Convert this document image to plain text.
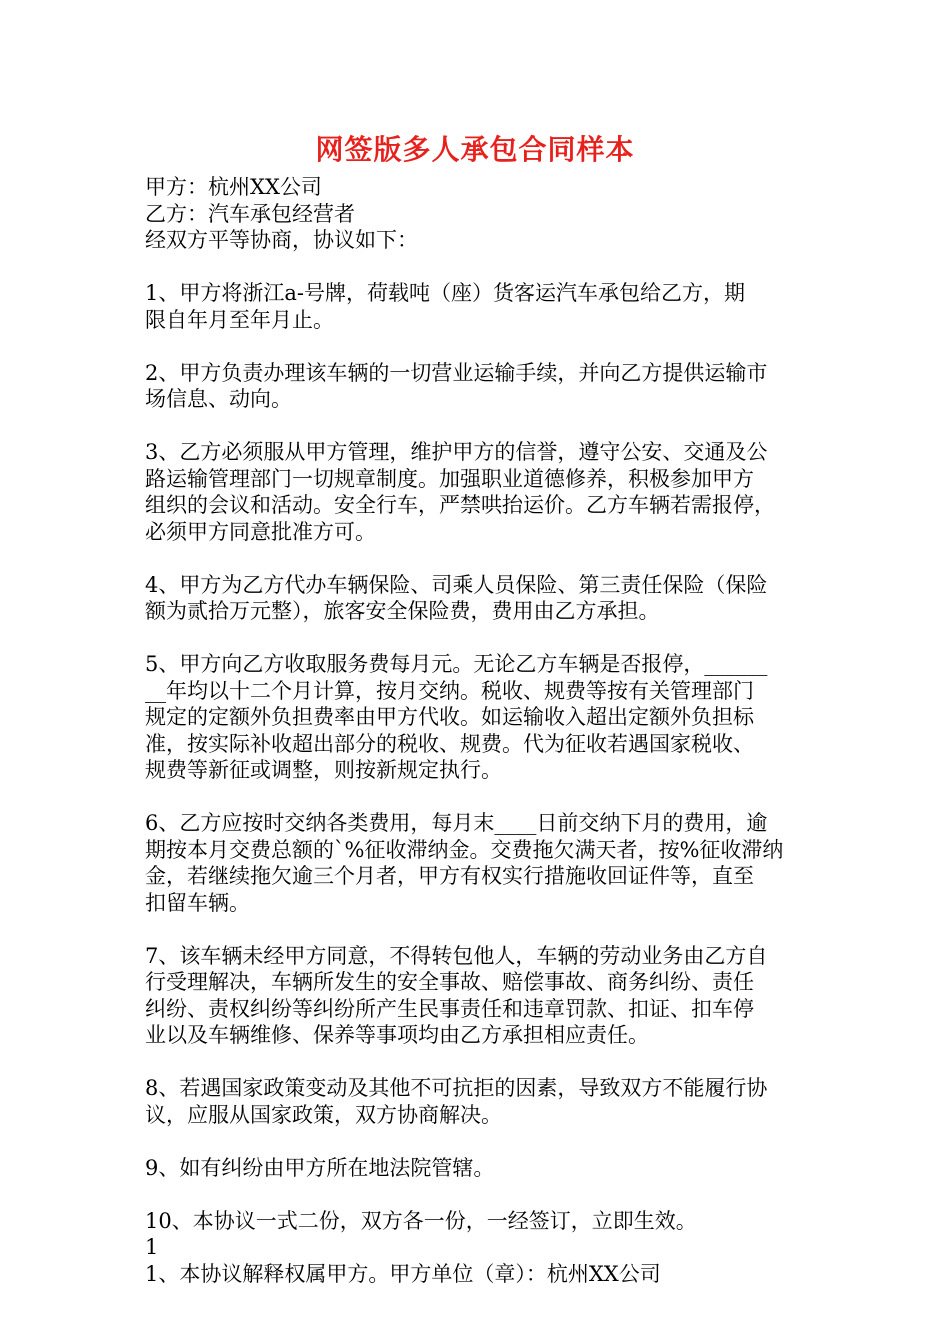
网签版多人承包合同样本
甲方：杭州XX公司
乙方：汽车承包经营者
经双方平等协商，协议如下：
1、甲方将浙江a-号牌，荷载吨（座）货客运汽车承包给乙方，期
限自年月至年月止。
2、甲方负责办理该车辆的一切营业运输手续，并向乙方提供运输市
场信息、动向。
3、乙方必须服从甲方管理，维护甲方的信誉，遵守公安、交通及公
路运输管理部门一切规章制度。加强职业道德修养，积极参加甲方
组织的会议和活动。安全行车，严禁哄抬运价。乙方车辆若需报停，
必须甲方同意批准方可。
4、甲方为乙方代办车辆保险、司乘人员保险、第三责任保险（保险
额为贰拾万元整），旅客安全保险费，费用由乙方承担。
5、甲方向乙方收取服务费每月元。无论乙方车辆是否报停，______
__年均以十二个月计算，按月交纳。税收、规费等按有关管理部门
规定的定额外负担费率由甲方代收。如运输收入超出定额外负担标
准，按实际补收超出部分的税收、规费。代为征收若遇国家税收、
规费等新征或调整，则按新规定执行。
6、乙方应按时交纳各类费用，每月末____日前交纳下月的费用，逾
期按本月交费总额的`%征收滞纳金。交费拖欠满天者，按%征收滞纳
金，若继续拖欠逾三个月者，甲方有权实行措施收回证件等，直至
扣留车辆。
7、该车辆未经甲方同意，不得转包他人，车辆的劳动业务由乙方自
行受理解决，车辆所发生的安全事故、赔偿事故、商务纠纷、责任
纠纷、责权纠纷等纠纷所产生民事责任和违章罚款、扣证、扣车停
业以及车辆维修、保养等事项均由乙方承担相应责任。
8、若遇国家政策变动及其他不可抗拒的因素，导致双方不能履行协
议，应服从国家政策，双方协商解决。
9、如有纠纷由甲方所在地法院管辖。
10、本协议一式二份，双方各一份，一经签订，立即生效。
1
1、本协议解释权属甲方。甲方单位（章）：杭州XX公司
